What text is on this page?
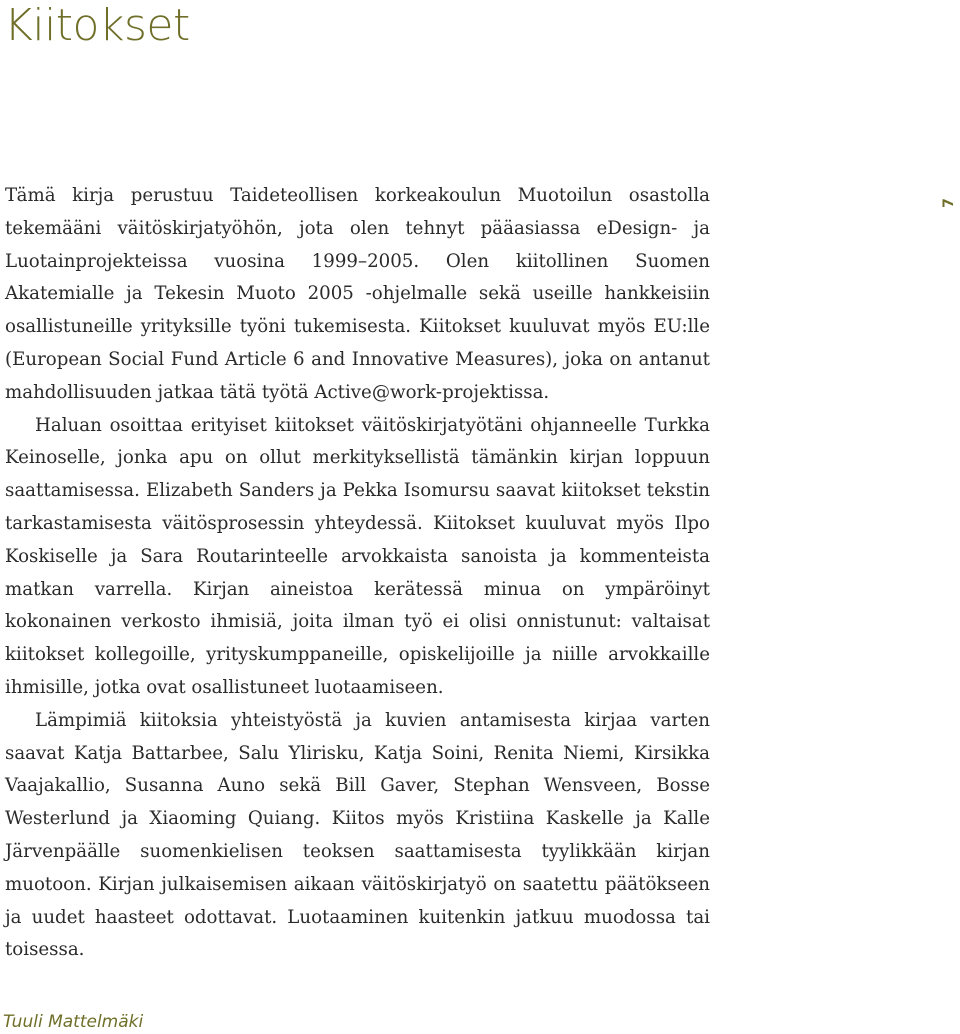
Kiitokset
7

Tämä kirja perustuu Taideteollisen korkeakoulun Muotoilun osastolla tekemääni väitöskirjatyöhön, jota olen tehnyt pääasiassa eDesign- ja Luotainprojekteissa vuosina 1999–2005. Olen kiitollinen Suomen Akatemialle ja Tekesin Muoto 2005 -ohjelmalle sekä useille hankkeisiin osallistuneille yrityksille työni tukemisesta. Kiitokset kuuluvat myös EU:lle (European Social Fund Article 6 and Innovative Measures), joka on antanut mahdollisuuden jatkaa tätä työtä Active@work-projektissa.

Haluan osoittaa erityiset kiitokset väitöskirjatyötäni ohjanneelle Turkka Keinoselle, jonka apu on ollut merkityksellistä tämänkin kirjan loppuun saattamisessa. Elizabeth Sanders ja Pekka Isomursu saavat kiitokset tekstin tarkastamisesta väitösprosessin yhteydessä. Kiitokset kuuluvat myös Ilpo Koskiselle ja Sara Routarinteelle arvokkaista sanoista ja kommenteista matkan varrella. Kirjan aineistoa kerätessä minua on ympäröinyt kokonainen verkosto ihmisiä, joita ilman työ ei olisi onnistunut: valtaisat kiitokset kollegoille, yrityskumppaneille, opiskelijoille ja niille arvokkaille ihmisille, jotka ovat osallistuneet luotaamiseen.

Lämpimiä kiitoksia yhteistyöstä ja kuvien antamisesta kirjaa varten saavat Katja Battarbee, Salu Ylirisku, Katja Soini, Renita Niemi, Kirsikka Vaajakallio, Susanna Auno sekä Bill Gaver, Stephan Wensveen, Bosse Westerlund ja Xiaoming Quiang. Kiitos myös Kristiina Kaskelle ja Kalle Järvenpäälle suomenkielisen teoksen saattamisesta tyylikkään kirjan muotoon. Kirjan julkaisemisen aikaan väitöskirjatyö on saatettu päätökseen ja uudet haasteet odottavat. Luotaaminen kuitenkin jatkuu muodossa tai toisessa.

Tuuli Mattelmäki
